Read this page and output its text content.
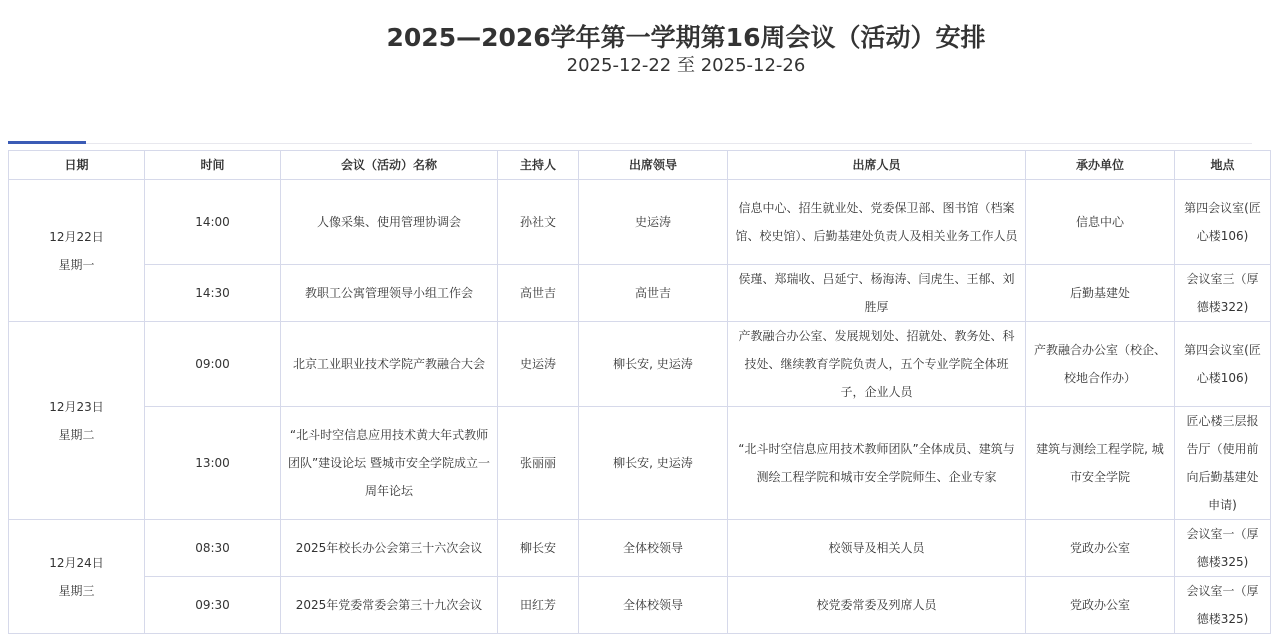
2025—2026学年第一学期第16周会议（活动）安排
2025-12-22 至 2025-12-26
日期	时间	会议（活动）名称	主持人	出席领导	出席人员	承办单位	地点

12月22日
星期一	14:00	人像采集、使用管理协调会	孙社文	史运涛	信息中心、招生就业处、党委保卫部、图书馆（档案馆、校史馆）、后勤基建处负责人及相关业务工作人员	信息中心	第四会议室(匠心楼106)
	14:30	教职工公寓管理领导小组工作会	高世吉	高世吉	侯瑾、郑瑞收、吕延宁、杨海涛、闫虎生、王郁、刘胜厚	后勤基建处	会议室三（厚德楼322)

12月23日
星期二	09:00	北京工业职业技术学院产教融合大会	史运涛	柳长安, 史运涛	产教融合办公室、发展规划处、招就处、教务处、科技处、继续教育学院负责人，五个专业学院全体班子，企业人员	产教融合办公室（校企、校地合作办）	第四会议室(匠心楼106)
	13:00	“北斗时空信息应用技术黄大年式教师团队”建设论坛 暨城市安全学院成立一周年论坛	张丽丽	柳长安, 史运涛	“北斗时空信息应用技术教师团队”全体成员、建筑与测绘工程学院和城市安全学院师生、企业专家	建筑与测绘工程学院, 城市安全学院	匠心楼三层报告厅（使用前向后勤基建处申请)

12月24日
星期三	08:30	2025年校长办公会第三十六次会议	柳长安	全体校领导	校领导及相关人员	党政办公室	会议室一（厚德楼325)
	09:30	2025年党委常委会第三十九次会议	田红芳	全体校领导	校党委常委及列席人员	党政办公室	会议室一（厚德楼325)
